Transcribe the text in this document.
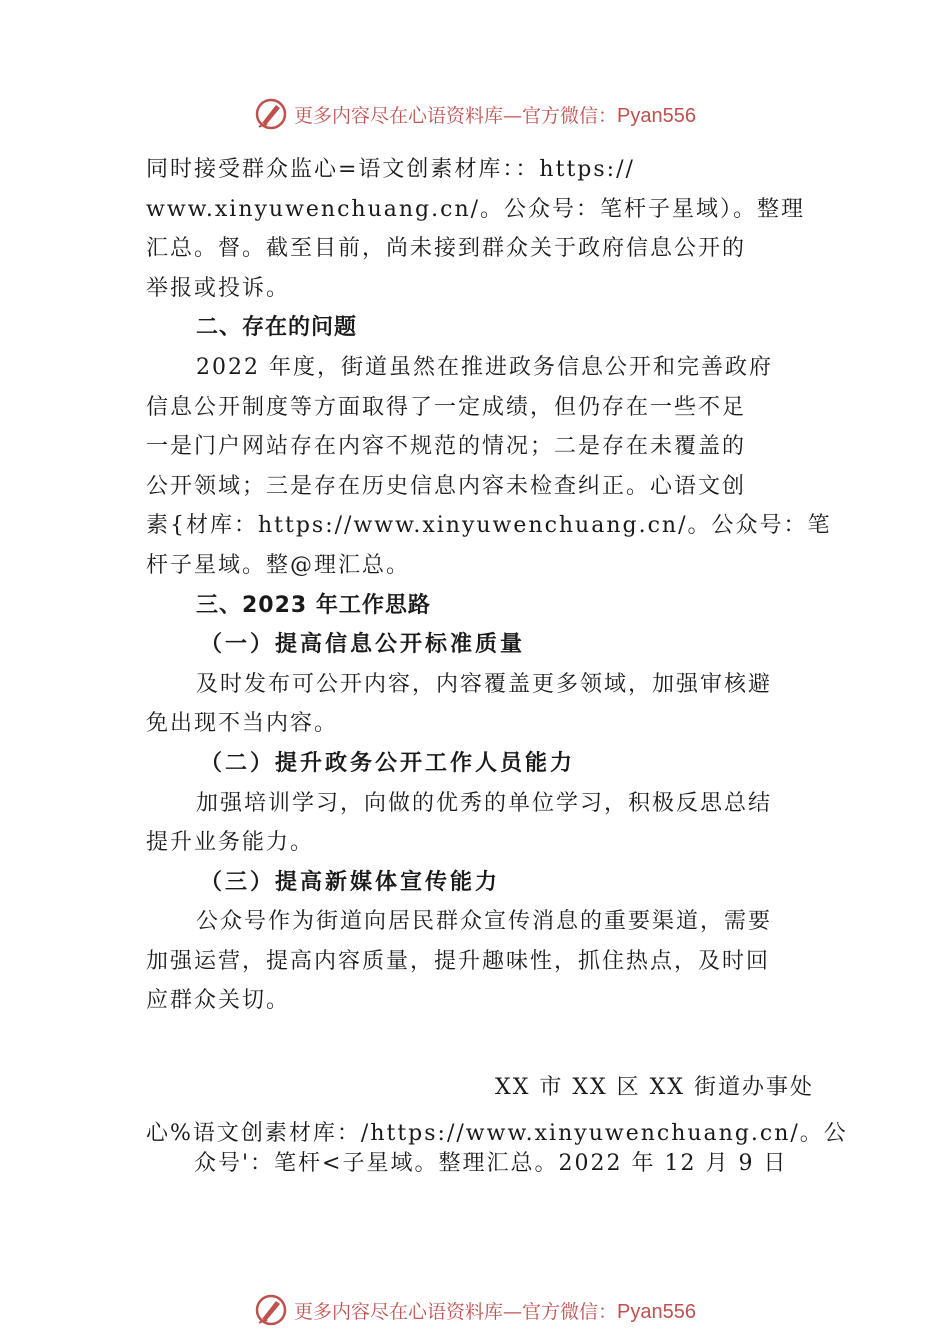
更多内容尽在心语资料库—官方微信：Pyan556

同时接受群众监心=语文创素材库：：https://
www.xinyuwenchuang.cn/。公众号：笔杆子星域）。整理
汇总。督。截至目前，尚未接到群众关于政府信息公开的
举报或投诉。

二、存在的问题

2022 年度，街道虽然在推进政务信息公开和完善政府
信息公开制度等方面取得了一定成绩，但仍存在一些不足
一是门户网站存在内容不规范的情况；二是存在未覆盖的
公开领域；三是存在历史信息内容未检查纠正。心语文创
素{材库：https://www.xinyuwenchuang.cn/。公众号：笔
杆子星域。整@理汇总。

三、2023 年工作思路

（一）提高信息公开标准质量

及时发布可公开内容，内容覆盖更多领域，加强审核避
免出现不当内容。

（二）提升政务公开工作人员能力

加强培训学习，向做的优秀的单位学习，积极反思总结
提升业务能力。

（三）提高新媒体宣传能力

公众号作为街道向居民群众宣传消息的重要渠道，需要
加强运营，提高内容质量，提升趣味性，抓住热点，及时回
应群众关切。

XX 市 XX 区 XX 街道办事处
心%语文创素材库：/https://www.xinyuwenchuang.cn/。公
众号'：笔杆<子星域。整理汇总。2022 年 12 月 9 日
更多内容尽在心语资料库—官方微信：Pyan556
